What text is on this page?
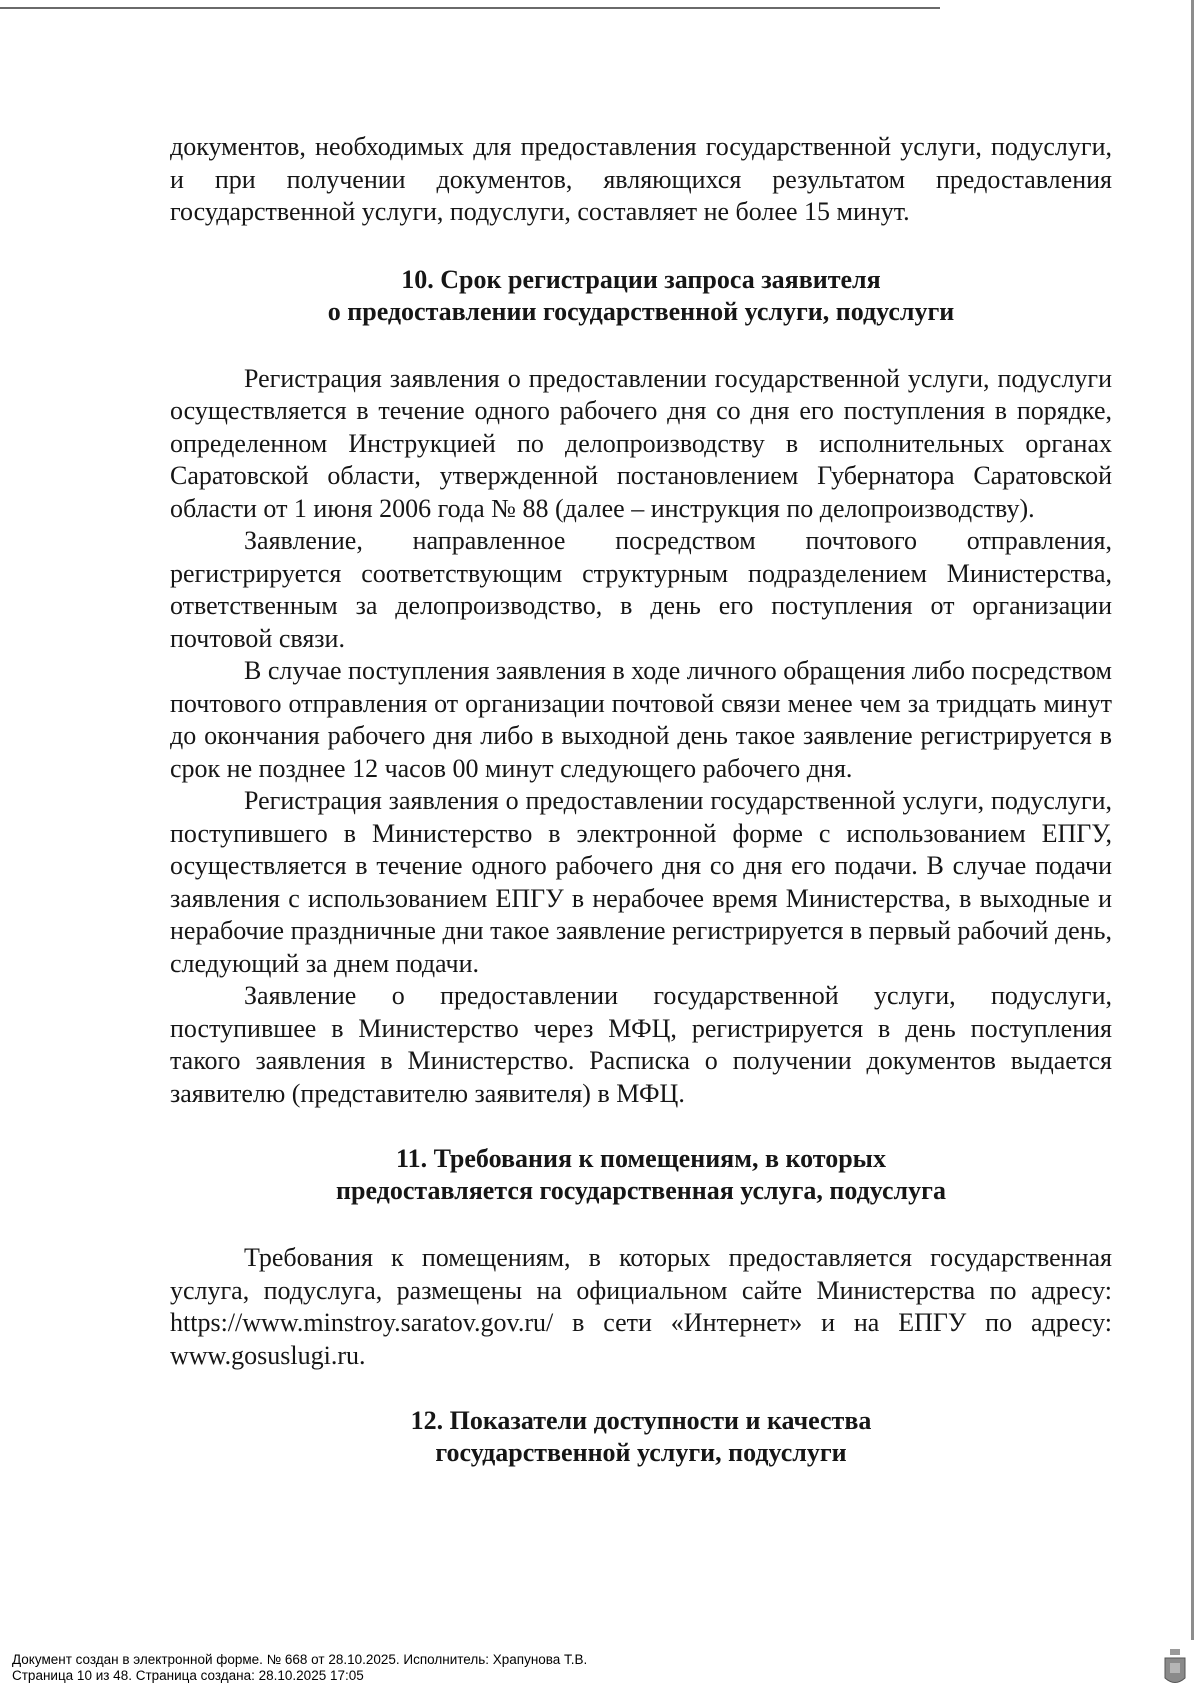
документов, необходимых для предоставления государственной услуги, подуслуги, и при получении документов, являющихся результатом предоставления государственной услуги, подуслуги, составляет не более 15 минут.

10. Срок регистрации запроса заявителя
о предоставлении государственной услуги, подуслуги

Регистрация заявления о предоставлении государственной услуги, подуслуги осуществляется в течение одного рабочего дня со дня его поступления в порядке, определенном Инструкцией по делопроизводству в исполнительных органах Саратовской области, утвержденной постановлением Губернатора Саратовской области от 1 июня 2006 года № 88 (далее – инструкция по делопроизводству).

Заявление, направленное посредством почтового отправления, регистрируется соответствующим структурным подразделением Министерства, ответственным за делопроизводство, в день его поступления от организации почтовой связи.

В случае поступления заявления в ходе личного обращения либо посредством почтового отправления от организации почтовой связи менее чем за тридцать минут до окончания рабочего дня либо в выходной день такое заявление регистрируется в срок не позднее 12 часов 00 минут следующего рабочего дня.

Регистрация заявления о предоставлении государственной услуги, подуслуги, поступившего в Министерство в электронной форме с использованием ЕПГУ, осуществляется в течение одного рабочего дня со дня его подачи. В случае подачи заявления с использованием ЕПГУ в нерабочее время Министерства, в выходные и нерабочие праздничные дни такое заявление регистрируется в первый рабочий день, следующий за днем подачи.

Заявление о предоставлении государственной услуги, подуслуги, поступившее в Министерство через МФЦ, регистрируется в день поступления такого заявления в Министерство. Расписка о получении документов выдается заявителю (представителю заявителя) в МФЦ.

11. Требования к помещениям, в которых
предоставляется государственная услуга, подуслуга

Требования к помещениям, в которых предоставляется государственная услуга, подуслуга, размещены на официальном сайте Министерства по адресу: https://www.minstroy.saratov.gov.ru/ в сети «Интернет» и на ЕПГУ по адресу: www.gosuslugi.ru.

12. Показатели доступности и качества
государственной услуги, подуслуги
Документ создан в электронной форме. № 668 от 28.10.2025. Исполнитель: Храпунова Т.В.
Страница 10 из 48. Страница создана: 28.10.2025 17:05
